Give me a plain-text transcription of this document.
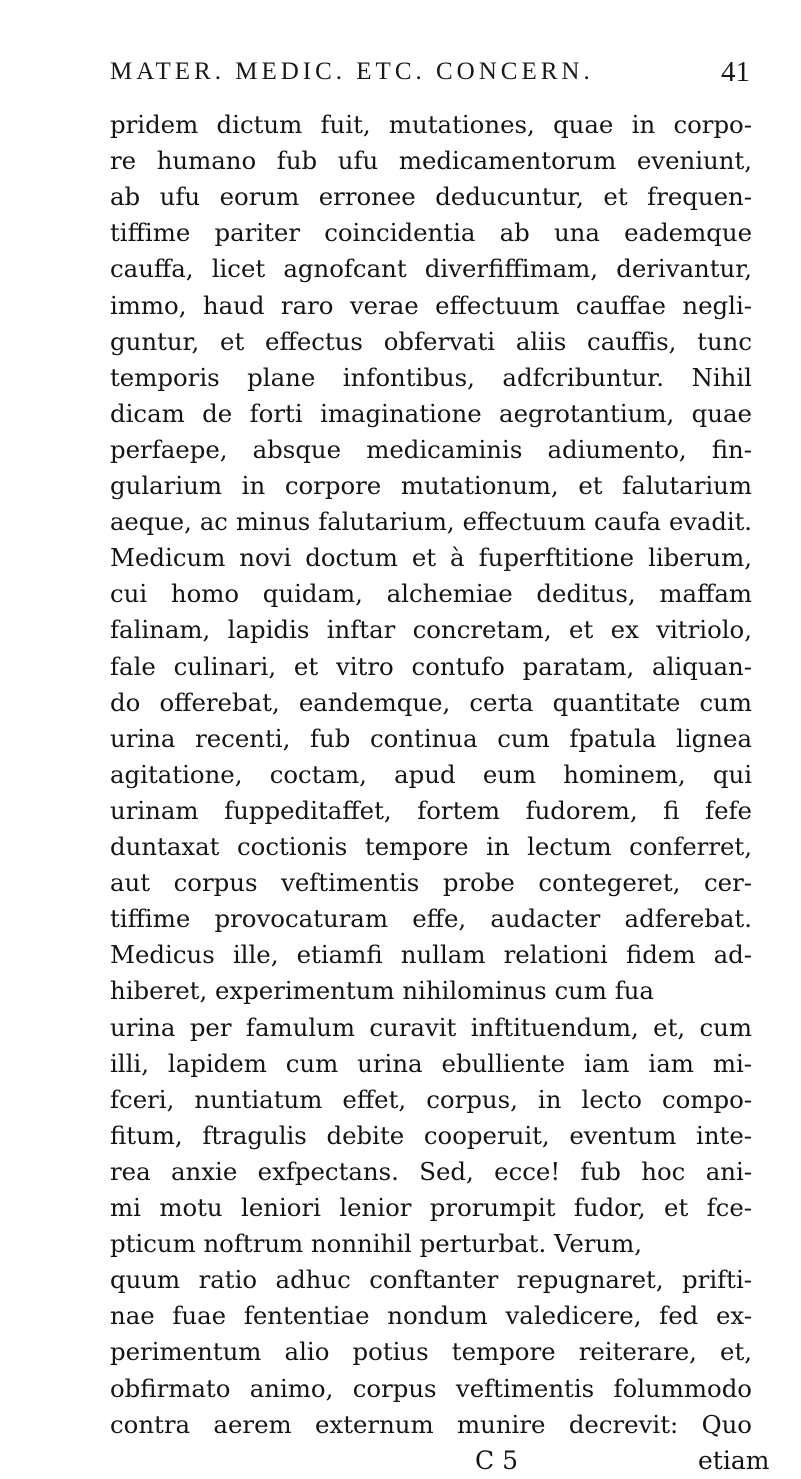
MATER. MEDIC. ETC. CONCERN.	41
pridem dictum fuit, mutationes, quae in corpo-
re humano fub ufu medicamentorum eveniunt,
ab ufu eorum erronee deducuntur, et frequen-
tiffime pariter coincidentia ab una eademque
cauffa, licet agnofcant diverfiffimam, derivantur,
immo, haud raro verae effectuum cauffae negli-
guntur, et effectus obfervati aliis cauffis, tunc
temporis plane infontibus, adfcribuntur. Nihil
dicam de forti imaginatione aegrotantium, quae
perfaepe, absque medicaminis adiumento, fin-
gularium in corpore mutationum, et falutarium
aeque, ac minus falutarium, effectuum caufa evadit.
Medicum novi doctum et à fuperftitione liberum,
cui homo quidam, alchemiae deditus, maffam
falinam, lapidis inftar concretam, et ex vitriolo,
fale culinari, et vitro contufo paratam, aliquan-
do offerebat, eandemque, certa quantitate cum
urina recenti, fub continua cum fpatula lignea
agitatione, coctam, apud eum hominem, qui
urinam fuppeditaffet, fortem fudorem, fi fefe
duntaxat coctionis tempore in lectum conferret,
aut corpus veftimentis probe contegeret, cer-
tiffime provocaturam effe, audacter adferebat.
Medicus ille, etiamfi nullam relationi fidem ad-
hiberet, experimentum nihilominus cum fua
urina per famulum curavit inftituendum, et, cum
illi, lapidem cum urina ebulliente iam iam mi-
fceri, nuntiatum effet, corpus, in lecto compo-
fitum, ftragulis debite cooperuit, eventum inte-
rea anxie exfpectans. Sed, ecce! fub hoc ani-
mi motu leniori lenior prorumpit fudor, et fce-
pticum noftrum nonnihil perturbat. Verum,
quum ratio adhuc conftanter repugnaret, prifti-
nae fuae fententiae nondum valedicere, fed ex-
perimentum alio potius tempore reiterare, et,
obfirmato animo, corpus veftimentis folummodo
contra aerem externum munire decrevit: Quo
C 5	etiam
